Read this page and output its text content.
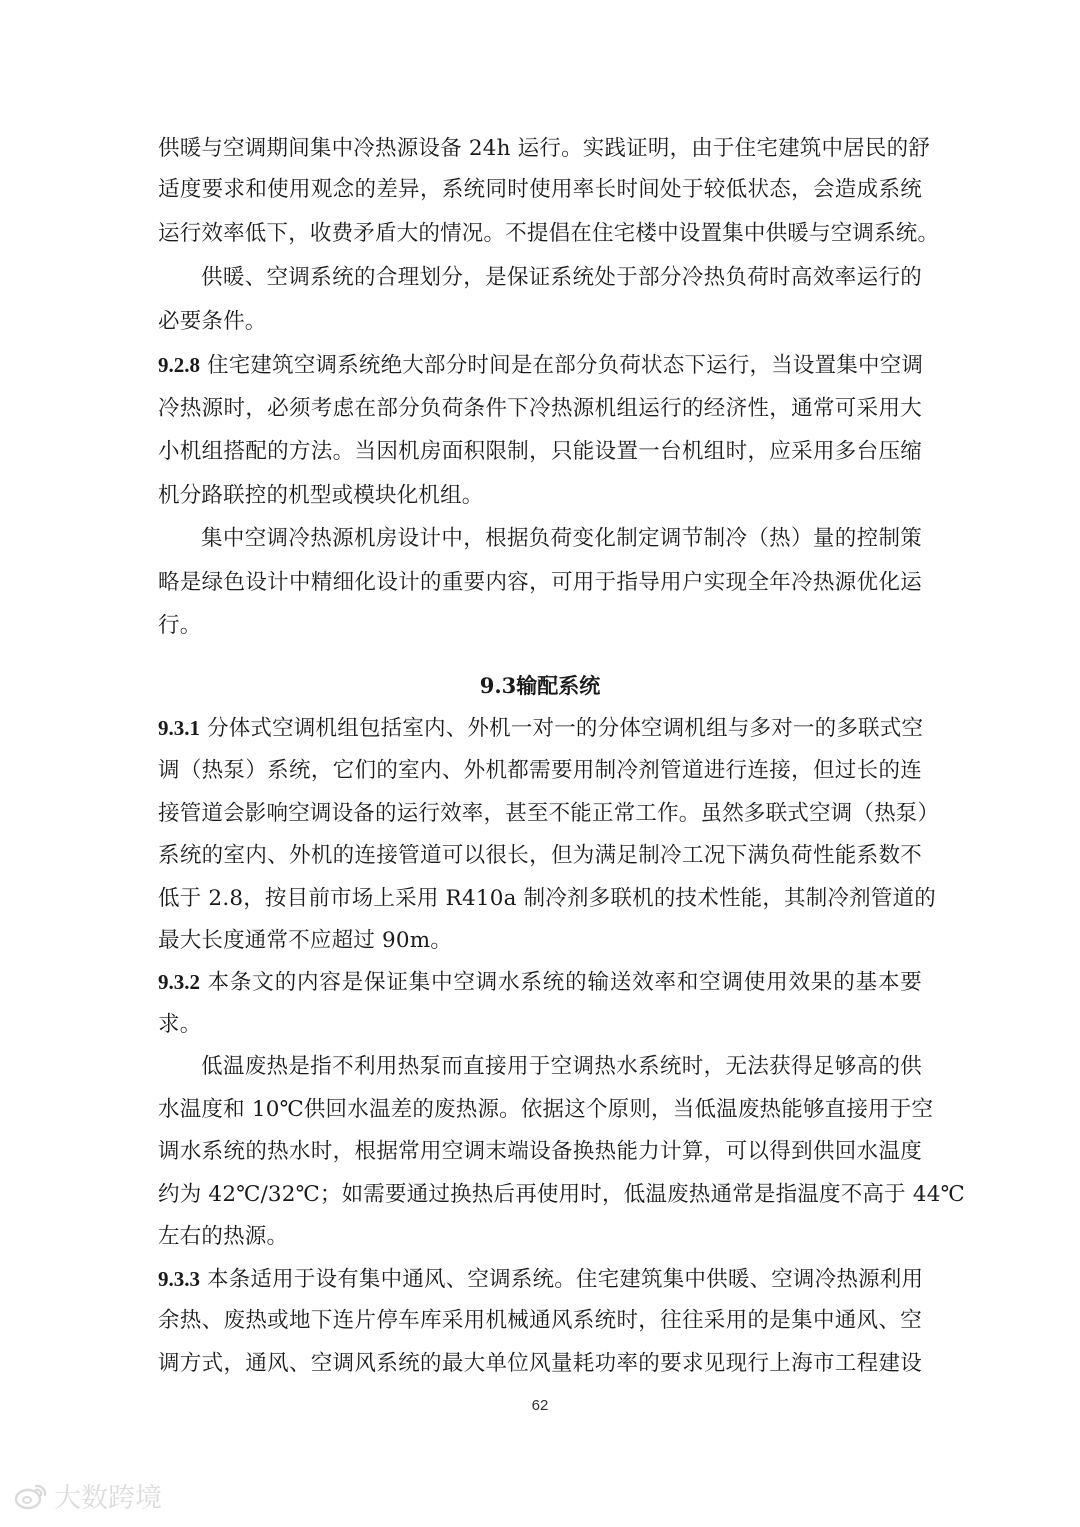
供暖与空调期间集中冷热源设备 24h 运行。实践证明，由于住宅建筑中居民的舒
适度要求和使用观念的差异，系统同时使用率长时间处于较低状态，会造成系统
运行效率低下，收费矛盾大的情况。不提倡在住宅楼中设置集中供暖与空调系统。
供暖、空调系统的合理划分，是保证系统处于部分冷热负荷时高效率运行的
必要条件。
9.2.8 住宅建筑空调系统绝大部分时间是在部分负荷状态下运行，当设置集中空调
冷热源时，必须考虑在部分负荷条件下冷热源机组运行的经济性，通常可采用大
小机组搭配的方法。当因机房面积限制，只能设置一台机组时，应采用多台压缩
机分路联控的机型或模块化机组。
集中空调冷热源机房设计中，根据负荷变化制定调节制冷（热）量的控制策
略是绿色设计中精细化设计的重要内容，可用于指导用户实现全年冷热源优化运
行。
9.3输配系统
9.3.1 分体式空调机组包括室内、外机一对一的分体空调机组与多对一的多联式空
调（热泵）系统，它们的室内、外机都需要用制冷剂管道进行连接，但过长的连
接管道会影响空调设备的运行效率，甚至不能正常工作。虽然多联式空调（热泵）
系统的室内、外机的连接管道可以很长，但为满足制冷工况下满负荷性能系数不
低于 2.8，按目前市场上采用 R410a 制冷剂多联机的技术性能，其制冷剂管道的
最大长度通常不应超过 90m。
9.3.2 本条文的内容是保证集中空调水系统的输送效率和空调使用效果的基本要
求。
低温废热是指不利用热泵而直接用于空调热水系统时，无法获得足够高的供
水温度和 10℃供回水温差的废热源。依据这个原则，当低温废热能够直接用于空
调水系统的热水时，根据常用空调末端设备换热能力计算，可以得到供回水温度
约为 42℃/32℃；如需要通过换热后再使用时，低温废热通常是指温度不高于 44℃
左右的热源。
9.3.3 本条适用于设有集中通风、空调系统。住宅建筑集中供暖、空调冷热源利用
余热、废热或地下连片停车库采用机械通风系统时，往往采用的是集中通风、空
调方式，通风、空调风系统的最大单位风量耗功率的要求见现行上海市工程建设
62
大数跨境
